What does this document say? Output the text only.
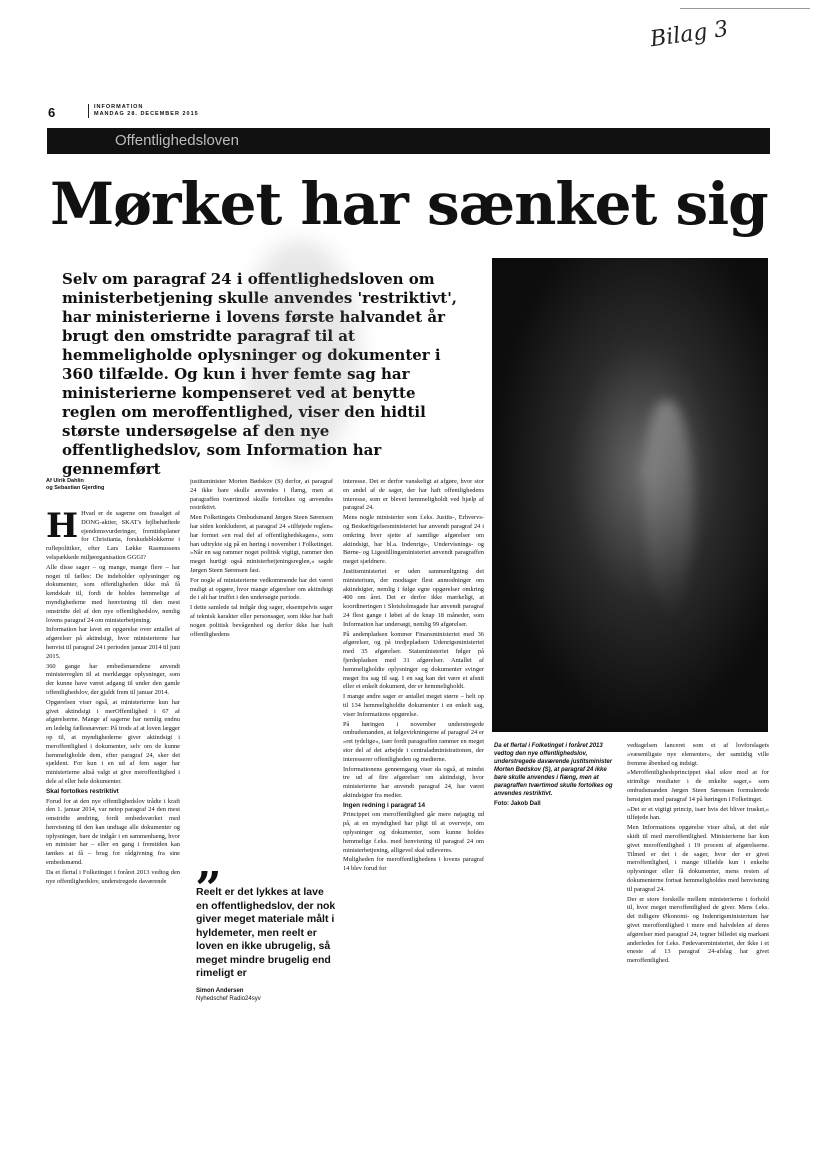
Bilag 3
6	INFORMATION
MANDAG 28. DECEMBER 2015
Offentlighedsloven
Mørket har sænket sig
Selv om paragraf 24 i offentlighedsloven om ministerbetjening skulle anvendes 'restriktivt', har ministerierne i lovens første halvandet år brugt den omstridte paragraf til at hemmeligholde oplysninger og dokumenter i 360 tilfælde. Og kun i hver femte sag har ministerierne kompenseret ved at benytte reglen om meroffentlighed, viser den hidtil største undersøgelse af den nye offentlighedslov, som Information har gennemført
Af Ulrik Dahlin
og Sebastian Gjerding

H Hvad er de sagerne om frasalget af DONG-aktier, SKAT's fejlbehæftede ejendomsvurderinger, fremtidsplaner for Christiania, forskudsblokkerne i ruflepolitiker, efter Lars Løkke Rasmussens velspækkede miljøorganisation GGGI?

Alle disse sager – og mange, mange flere – har noget til fælles: De indeholder oplysninger og dokumenter, som offentligheden ikke må få kendskab til, fordi de holdes hemmelige af myndighederne med henvisning til den mest omstridte del af den nye offentlighedslov, nemlig lovens paragraf 24 om ministerbetjening.

Information har lavet en opgørelse over antallet af afgørelser på aktindsigt, hvor ministerierne har henvist til paragraf 24 i perioden januar 2014 til juni 2015.

360 gange har embedsmændene anvendt ministerreglen til at merklægge oplysninger, som der kunne have været adgang til under den gamle offentlighedslov, der gjaldt frem til januar 2014.

Opgørelsen viser også, at ministerierne kun har givet aktindsigt i merOffentlighed i 67 af afgørelserne. Mange af sagerne har nemlig endnu en ledelig fællesnævner: På trods af at loven lægger op til, at myndighederne giver aktindsigt i meroffentlighed i dokumenter, selv om de kunne hemmeligholde dem, efter paragraf 24, sker det sjældent. For kun i en ud af fem sager har ministerierne altså valgt at give meroffentlighed i dele af eller hele dokumenter.

Skal fortolkes restriktivt

Forud for at den nye offentlighedslov trådte i kraft den 1. januar 2014, var netop paragraf 24 den mest omstridte ændring, fordi embedsværket med henvisning til den kan undtage alle dokumenter og oplysninger, bare de indgår i en sammenhæng, hvor en minister har – eller en gang i fremtiden kan tænkes at få – brug for rådgivning fra sine embedsmænd.

Da et flertal i Folketinget i foråret 2013 vedtog den nye offentlighedslov, understregede daværende

justitsminister Morten Bødskov (S) derfor, at paragraf 24 ikke bare skulle anvendes i flæng, men at paragraffen tværtimod skulle fortolkes og anvendes restriktivt.

Men Folketingets Ombudsmand Jørgen Steen Sørensen har siden konkluderet, at paragraf 24 »tilføjede reglen« har formet »en real del af offentlighedskagen«, som han udtrykte sig på en høring i november i Folketinget. »Når en sag rammer noget politisk vigtigt, rammer den meget hurtigt også ministerbetjeningsreglen,« sagde Jørgen Steen Sørensen fast.

For nogle af ministerierne vedkommende har det været muligt at opgøre, hvor mange afgørelser om aktindsigt de i alt har truffet i den undersøgte periode.

I dette samlede tal indgår dog sager, eksempelvis sager af teknisk karakter eller personsager, som ikke har haft nogen politisk bevågenhed og derfor ikke har haft offentlighedens

„
Reelt er det lykkes at lave en offentlighedslov, der nok giver meget materiale målt i hyldemeter, men reelt er loven en ikke ubrugelig, så meget mindre brugelig end rimeligt er
Simon Andersen
Nyhedschef Radio24syv

interesse. Det er derfor vanskeligt at afgøre, hvor stor en andel af de sager, der har haft offentlighedens interesse, som er blevet hemmeligholdt ved hjælp af paragraf 24.

Mens nogle ministerier som f.eks. Justits-, Erhvervs- og Beskæftigelsesministeriet har anvendt paragraf 24 i omkring hver sjette af samtlige afgørelser om aktindsigt, har bl.a. Indenrigs-, Undervisnings- og Børne- og Ligestillingsministeriet anvendt paragraffen meget sjældnere.

Justitsministeriet er uden sammenligning det ministerium, der modtager flest anmodninger om aktindsigter, nemlig i følge egne opgørelser omkring 400 om året. Det er derfor ikke mærkeligt, at koordineringen i Slotsholmsgade har anvendt paragraf 24 flest gange i løbet af de knap 18 måneder, som Information har undersøgt, nemlig 99 afgørelser.

På andenpladsen kommer Finansministeriet med 36 afgørelser, og på tredjepladsen Udenrigsministeriet med 35 afgørelser. Statsministeriet følger på fjerdepladsen med 31 afgørelser. Antallet af hemmeligholdte oplysninger og dokumenter svinger meget fra sag til sag. I en sag kan det være et afsnit eller et enkelt dokument, der er hemmeligholdt.

I mange andre sager er antallet meget større – helt op til 134 hemmeligholdte dokumenter i en enkelt sag, viser Informations opgørelse.

På høringen i november understregede ombudsmanden, at følgevirkningerne af paragraf 24 er »ret tydelige«, især fordi paragraffen rammer en meget stor del af det arbejde i centraladministrationen, der interesserer offentligheden og medierne.

Informationens gennemgang viser da også, at mindst tre ud af fire afgørelser om aktindsigt, hvor ministerierne har anvendt paragraf 24, har været aktindsigter fra medier.

Ingen redning i paragraf 14

Princippet om meroffentlighed går mere nøjagtig ud på, at en myndighed har pligt til at overveje, om oplysninger og dokumenter, som kunne holdes hemmelige f.eks. med henvisning til paragraf 24 om ministerbetjening, alligevel skal udleveres.

Muligheden for meroffentlighedens i lovens paragraf 14 blev forud for

Da et flertal i Folketinget i foråret 2013 vedtog den nye offentlighedslov, understregede daværende justitsminister Morten Bødskov (S), at paragraf 24 ikke bare skulle anvendes i flæng, men at paragraffen tværtimod skulle fortolkes og anvendes restriktivt.
Foto: Jakob Dall

vedtagelsen lanceret som et af lovforslagets »væsentligste nye elementer«, der samtidig ville fremme åbenhed og indsigt.

»Meroffentlighedsprincippet skal sikre mod at for strimlige resultater i de enkelte sager,« som ombudsmanden Jørgen Steen Sørensen formulerede hensigten med paragraf 14 på høringen i Folketinget.

»Det er et vigtigt princip, især hvis det bliver trusket,« tilføjede han.

Men Informations opgørelse viser altså, at det står skidt til med meroffentlighed. Ministerierne har kun givet meroffentlighed i 19 procent af afgørelserne. Tilmed er det i de sager, hvor der er givet meroffentlighed, i mange tilfælde kun i enkelte oplysninger eller få dokumenter, mens resten af dokumenterne fortsat hemmeligholdes med henvisning til paragraf 24.

Der er store forskelle mellem ministerierne i forhold til, hvor meget meroffentlighed de giver. Mens f.eks. det tidligere Økonomi- og Indenrigsministerium har givet meroffentlighed i mere end halvdelen af deres afgørelser med paragraf 24, tegner billedet sig markant anderledes for f.eks. Fødevareministeriet, der ikke i et eneste af 13 paragraf 24-afslag har givet meroffentlighed.
